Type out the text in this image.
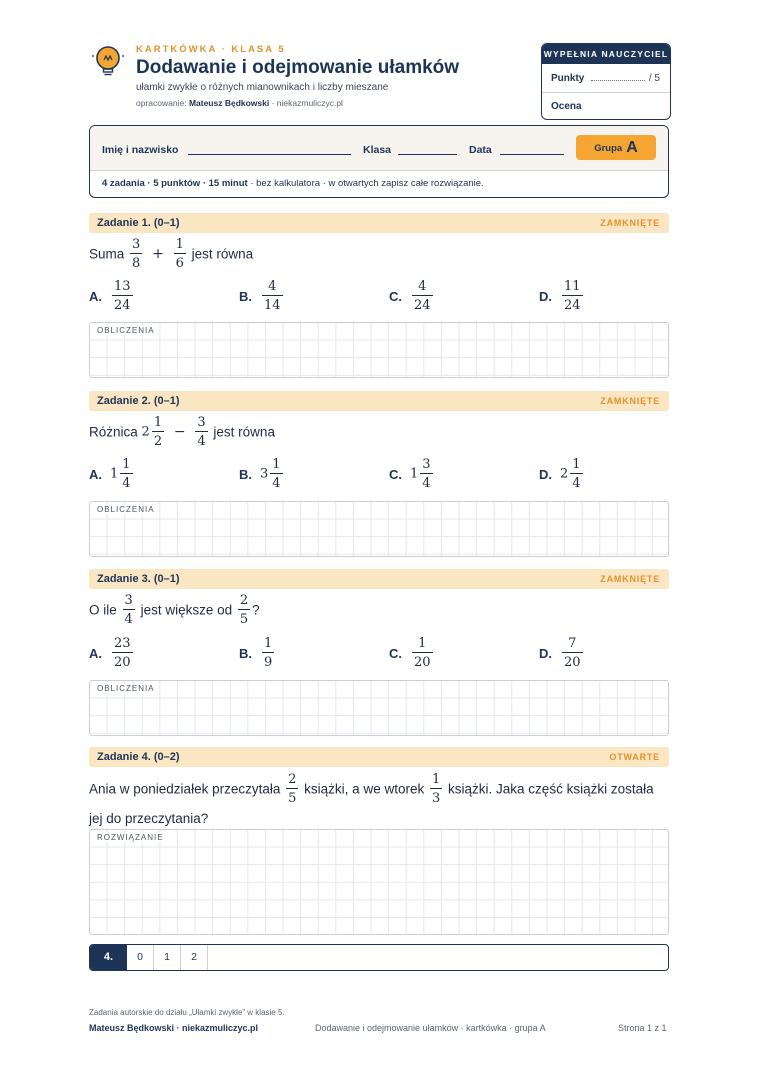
KARTKÓWKA · KLASA 5
Dodawanie i odejmowanie ułamków
ułamki zwykłe o różnych mianownikach i liczby mieszane
opracowanie: Mateusz Będkowski · niekazmuliczyc.pl
WYPEŁNIA NAUCZYCIEL
Punkty	/ 5
Ocena
Imię i nazwisko	Klasa	Data	Grupa A
4 zadania · 5 punktów · 15 minut · bez kalkulatora · w otwartych zapisz całe rozwiązanie.
Zadanie 1. (0–1)	ZAMKNIĘTE
Suma $\frac{3}{8} + \frac{1}{6}$ jest równa
A. $\frac{13}{24}$	B. $\frac{4}{14}$	C. $\frac{4}{24}$	D. $\frac{11}{24}$
OBLICZENIA
Zadanie 2. (0–1)	ZAMKNIĘTE
Różnica $2 \frac{1}{2} - \frac{3}{4}$ jest równa
A. $1 \frac{1}{4}$	B. $3 \frac{1}{4}$	C. $1 \frac{3}{4}$	D. $2 \frac{1}{4}$
OBLICZENIA
Zadanie 3. (0–1)	ZAMKNIĘTE
O ile $\frac{3}{4}$ jest większe od $\frac{2}{5}$ ?
A. $\frac{23}{20}$	B. $\frac{1}{9}$	C. $\frac{1}{20}$	D. $\frac{7}{20}$
OBLICZENIA
Zadanie 4. (0–2)	OTWARTE
Ania w poniedziałek przeczytała $\frac{2}{5}$ książki, a we wtorek $\frac{1}{3}$ książki. Jaka część książki została
jej do przeczytania?
ROZWIĄZANIE
4.	0	1	2
Zadania autorskie do działu „Ułamki zwykłe” w klasie 5.
Mateusz Będkowski · niekazmuliczyc.pl	Dodawanie i odejmowanie ułamków · kartkówka · grupa A	Strona 1 z 1
